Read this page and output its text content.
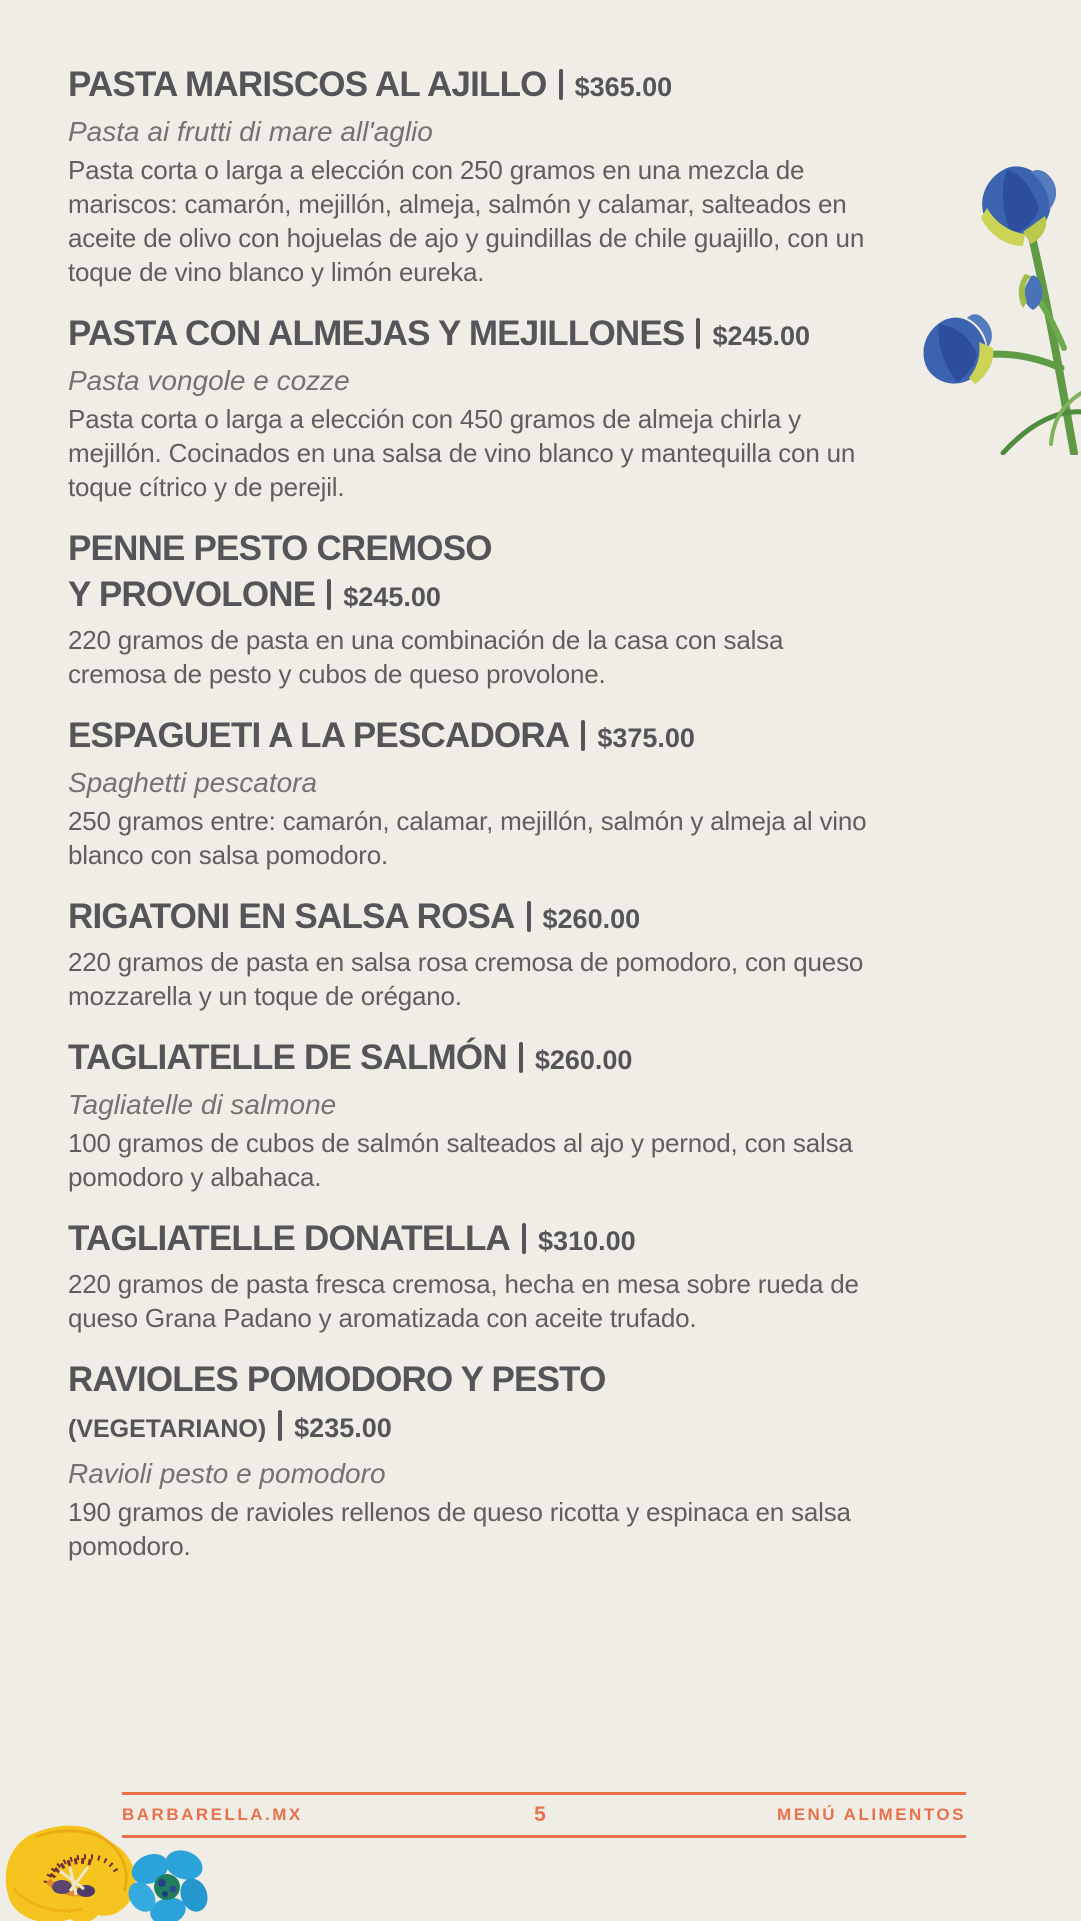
PASTA MARISCOS AL AJILLO $365.00

Pasta ai frutti di mare all'aglio

Pasta corta o larga a elección con 250 gramos en una mezcla de mariscos: camarón, mejillón, almeja, salmón y calamar, salteados en aceite de olivo con hojuelas de ajo y guindillas de chile guajillo, con un toque de vino blanco y limón eureka.

PASTA CON ALMEJAS Y MEJILLONES $245.00

Pasta vongole e cozze

Pasta corta o larga a elección con 450 gramos de almeja chirla y mejillón. Cocinados en una salsa de vino blanco y mantequilla con un toque cítrico y de perejil.

PENNE PESTO CREMOSO
Y PROVOLONE $245.00

220 gramos de pasta en una combinación de la casa con salsa cremosa de pesto y cubos de queso provolone.

ESPAGUETI A LA PESCADORA $375.00

Spaghetti pescatora

250 gramos entre: camarón, calamar, mejillón, salmón y almeja al vino blanco con salsa pomodoro.

RIGATONI EN SALSA ROSA $260.00

220 gramos de pasta en salsa rosa cremosa de pomodoro, con queso mozzarella y un toque de orégano.

TAGLIATELLE DE SALMÓN $260.00

Tagliatelle di salmone

100 gramos de cubos de salmón salteados al ajo y pernod, con salsa pomodoro y albahaca.

TAGLIATELLE DONATELLA $310.00

220 gramos de pasta fresca cremosa, hecha en mesa sobre rueda de queso Grana Padano y aromatizada con aceite trufado.

RAVIOLES POMODORO Y PESTO
(VEGETARIANO) $235.00

Ravioli pesto e pomodoro

190 gramos de ravioles rellenos de queso ricotta y espinaca en salsa pomodoro.

BARBARELLA.MX	5	MENÚ ALIMENTOS
